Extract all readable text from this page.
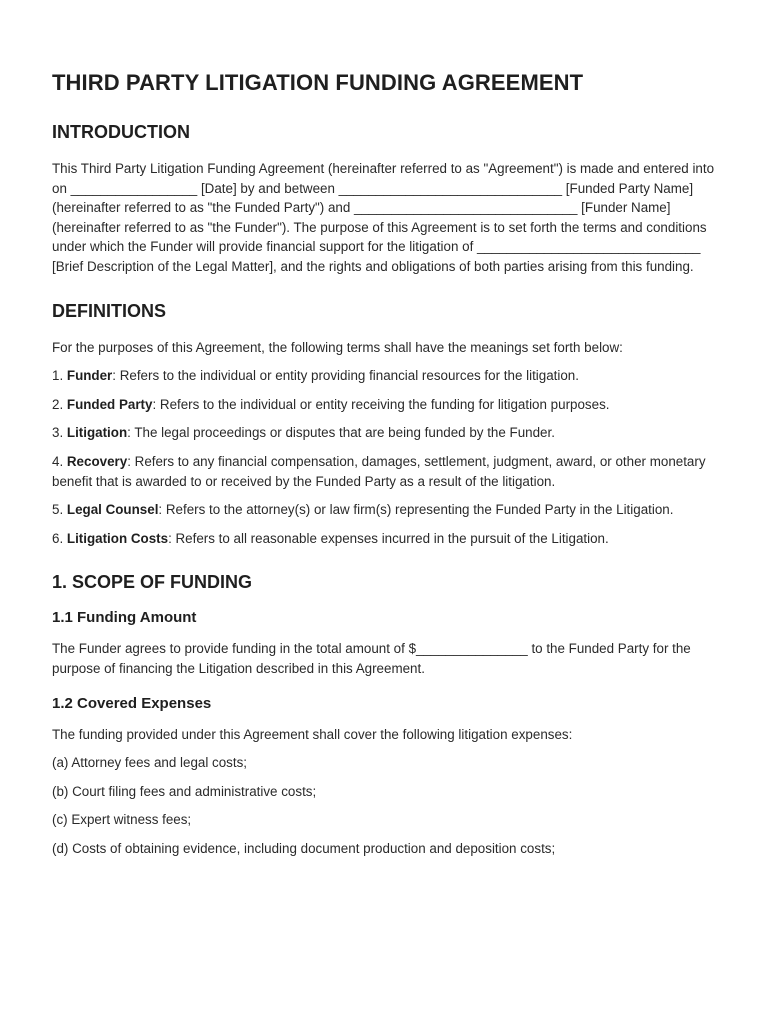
THIRD PARTY LITIGATION FUNDING AGREEMENT
INTRODUCTION

This Third Party Litigation Funding Agreement (hereinafter referred to as "Agreement") is made and entered into on _________________ [Date] by and between ______________________________ [Funded Party Name] (hereinafter referred to as "the Funded Party") and ______________________________ [Funder Name] (hereinafter referred to as "the Funder"). The purpose of this Agreement is to set forth the terms and conditions under which the Funder will provide financial support for the litigation of ______________________________ [Brief Description of the Legal Matter], and the rights and obligations of both parties arising from this funding.

DEFINITIONS

For the purposes of this Agreement, the following terms shall have the meanings set forth below:

1. Funder: Refers to the individual or entity providing financial resources for the litigation.

2. Funded Party: Refers to the individual or entity receiving the funding for litigation purposes.

3. Litigation: The legal proceedings or disputes that are being funded by the Funder.

4. Recovery: Refers to any financial compensation, damages, settlement, judgment, award, or other monetary benefit that is awarded to or received by the Funded Party as a result of the litigation.

5. Legal Counsel: Refers to the attorney(s) or law firm(s) representing the Funded Party in the Litigation.

6. Litigation Costs: Refers to all reasonable expenses incurred in the pursuit of the Litigation.

1. SCOPE OF FUNDING
1.1 Funding Amount

The Funder agrees to provide funding in the total amount of $_______________ to the Funded Party for the purpose of financing the Litigation described in this Agreement.

1.2 Covered Expenses

The funding provided under this Agreement shall cover the following litigation expenses:

(a) Attorney fees and legal costs;

(b) Court filing fees and administrative costs;

(c) Expert witness fees;

(d) Costs of obtaining evidence, including document production and deposition costs;
